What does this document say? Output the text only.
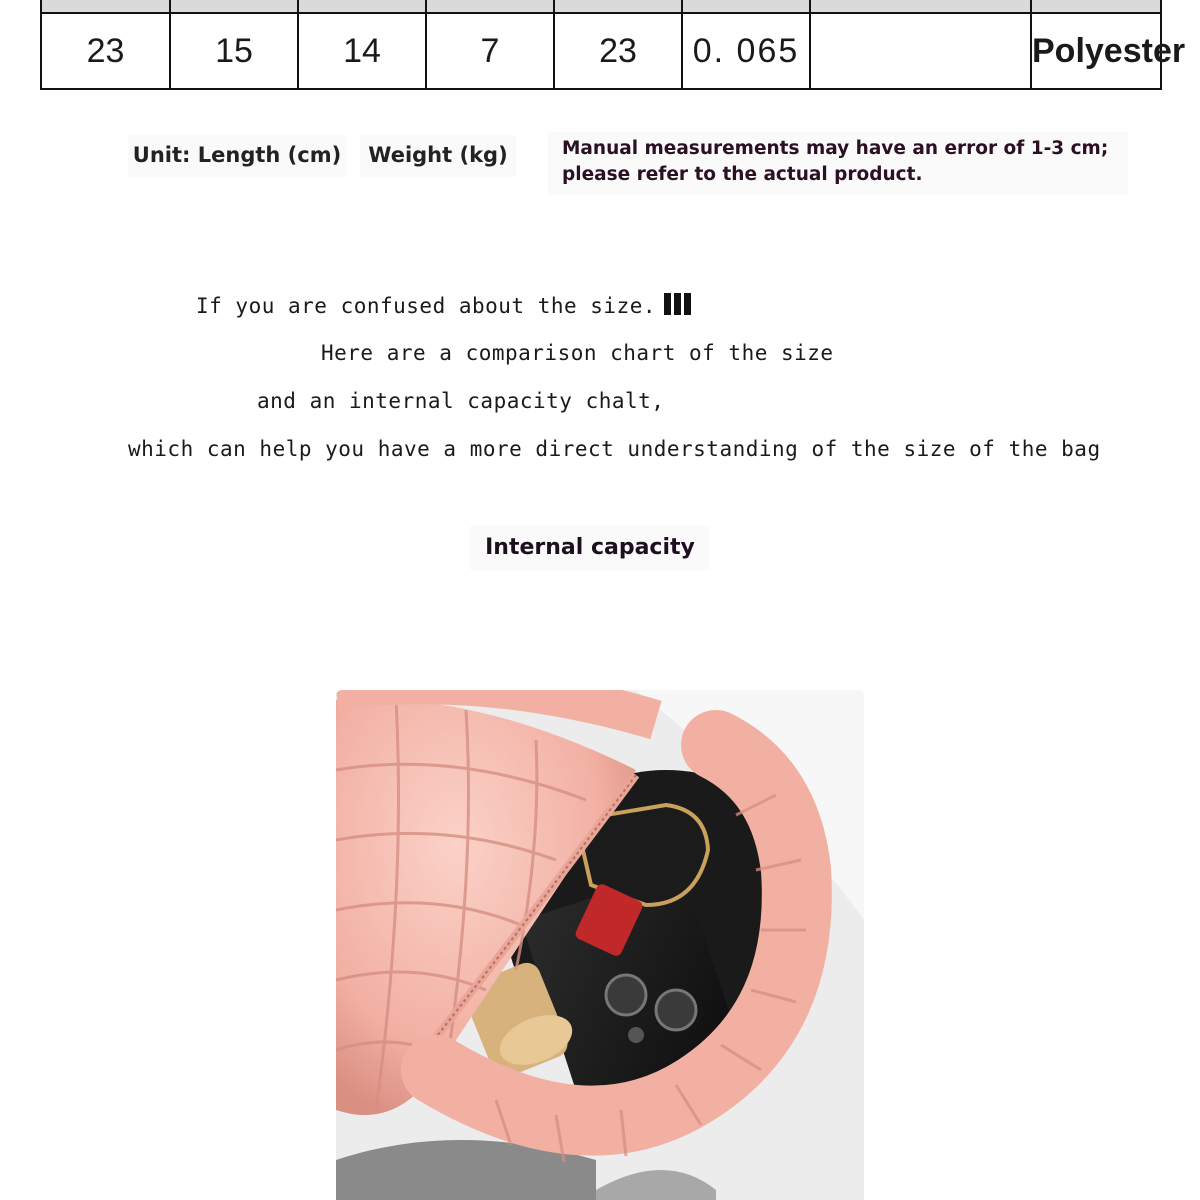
23	15	14	7	23	0. 065		Polyester
Unit: Length (cm)	Weight (kg)	Manual measurements may have an error of 1-3 cm;
please refer to the actual product.
If you are confused about the size.
Here are a comparison chart of the size
and an internal capacity chalt,
which can help you have a more direct understanding of the size of the bag
Internal capacity
